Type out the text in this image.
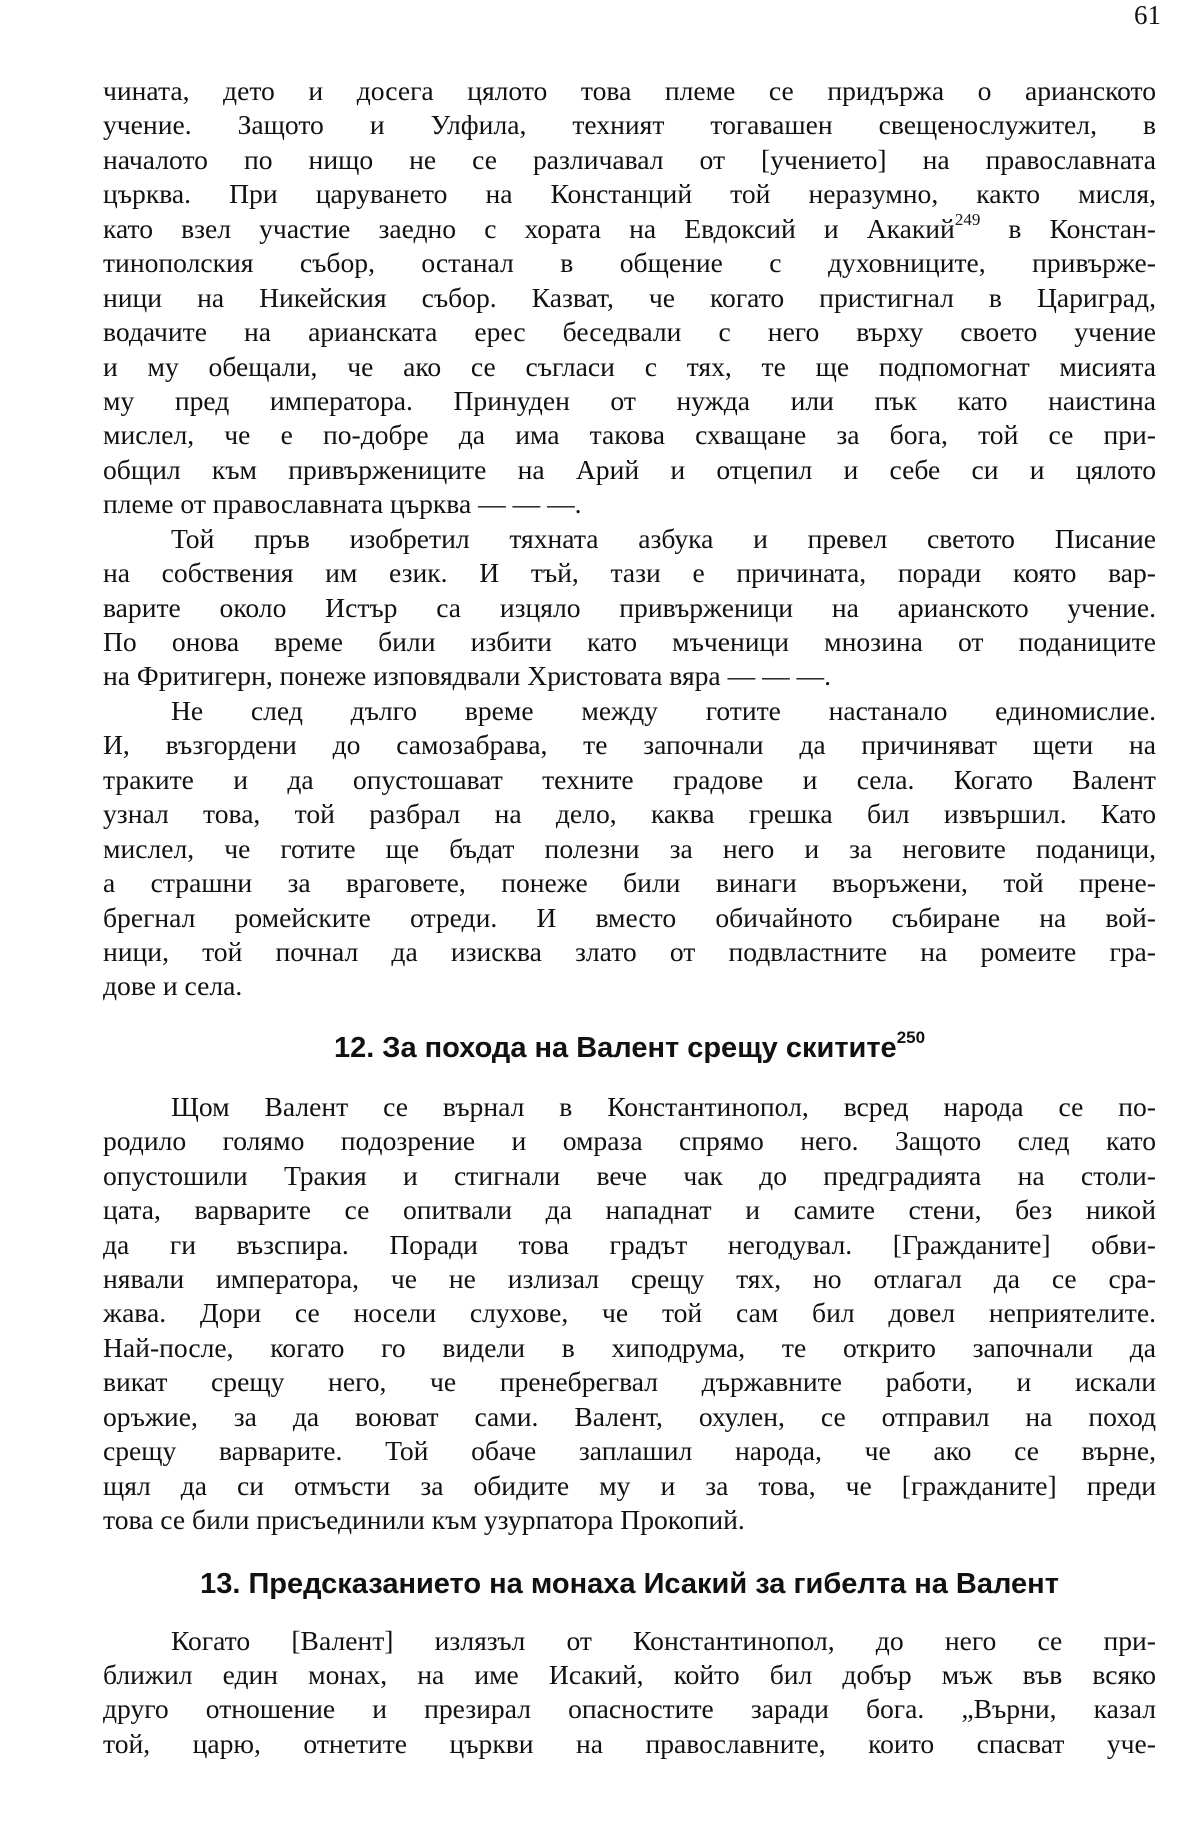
61
чината, дето и досега цялото това племе се придържа о арианското
учение. Защото и Улфила, техният тогавашен свещенослужител, в
началото по нищо не се различавал от [учението] на православната
църква. При царуването на Констанций той неразумно, както мисля,
като взел участие заедно с хората на Евдоксий и Акакий$^{249}$ в Констан-
тинополския събор, останал в общение с духовниците, привърже-
ници на Никейския събор. Казват, че когато пристигнал в Цариград,
водачите на арианската ерес беседвали с него върху своето учение
и му обещали, че ако се съгласи с тях, те ще подпомогнат мисията
му пред императора. Принуден от нужда или пък като наистина
мислел, че е по-добре да има такова схващане за бога, той се при-
общил към привържениците на Арий и отцепил и себе си и цялото
племе от православната църква — — —.
Той пръв изобретил тяхната азбука и превел светото Писание
на собствения им език. И тъй, тази е причината, поради която вар-
варите около Истър са изцяло привърженици на арианското учение.
По онова време били избити като мъченици мнозина от поданиците
на Фритигерн, понеже изповядвали Христовата вяра — — —.
Не след дълго време между готите настанало единомислие.
И, възгордени до самозабрава, те започнали да причиняват щети на
траките и да опустошават техните градове и села. Когато Валент
узнал това, той разбрал на дело, каква грешка бил извършил. Като
мислел, че готите ще бъдат полезни за него и за неговите поданици,
а страшни за враговете, понеже били винаги въоръжени, той прене-
брегнал ромейските отреди. И вместо обичайното събиране на вой-
ници, той почнал да изисква злато от подвластните на ромеите гра-
дове и села.
12. За похода на Валент срещу скитите$^{250}$
Щом Валент се върнал в Константинопол, всред народа се по-
родило голямо подозрение и омраза спрямо него. Защото след като
опустошили Тракия и стигнали вече чак до предградията на столи-
цата, варварите се опитвали да нападнат и самите стени, без никой
да ги възспира. Поради това градът негодувал. [Гражданите] обви-
нявали императора, че не излизал срещу тях, но отлагал да се сра-
жава. Дори се носели слухове, че той сам бил довел неприятелите.
Най-после, когато го видели в хиподрума, те открито започнали да
викат срещу него, че пренебрегвал държавните работи, и искали
оръжие, за да воюват сами. Валент, охулен, се отправил на поход
срещу варварите. Той обаче заплашил народа, че ако се върне,
щял да си отмъсти за обидите му и за това, че [гражданите] преди
това се били присъединили към узурпатора Прокопий.
13. Предсказанието на монаха Исакий за гибелта на Валент
Когато [Валент] излязъл от Константинопол, до него се при-
ближил един монах, на име Исакий, който бил добър мъж във всяко
друго отношение и презирал опасностите заради бога. „Върни, казал
той, царю, отнетите църкви на православните, които спасват уче-
